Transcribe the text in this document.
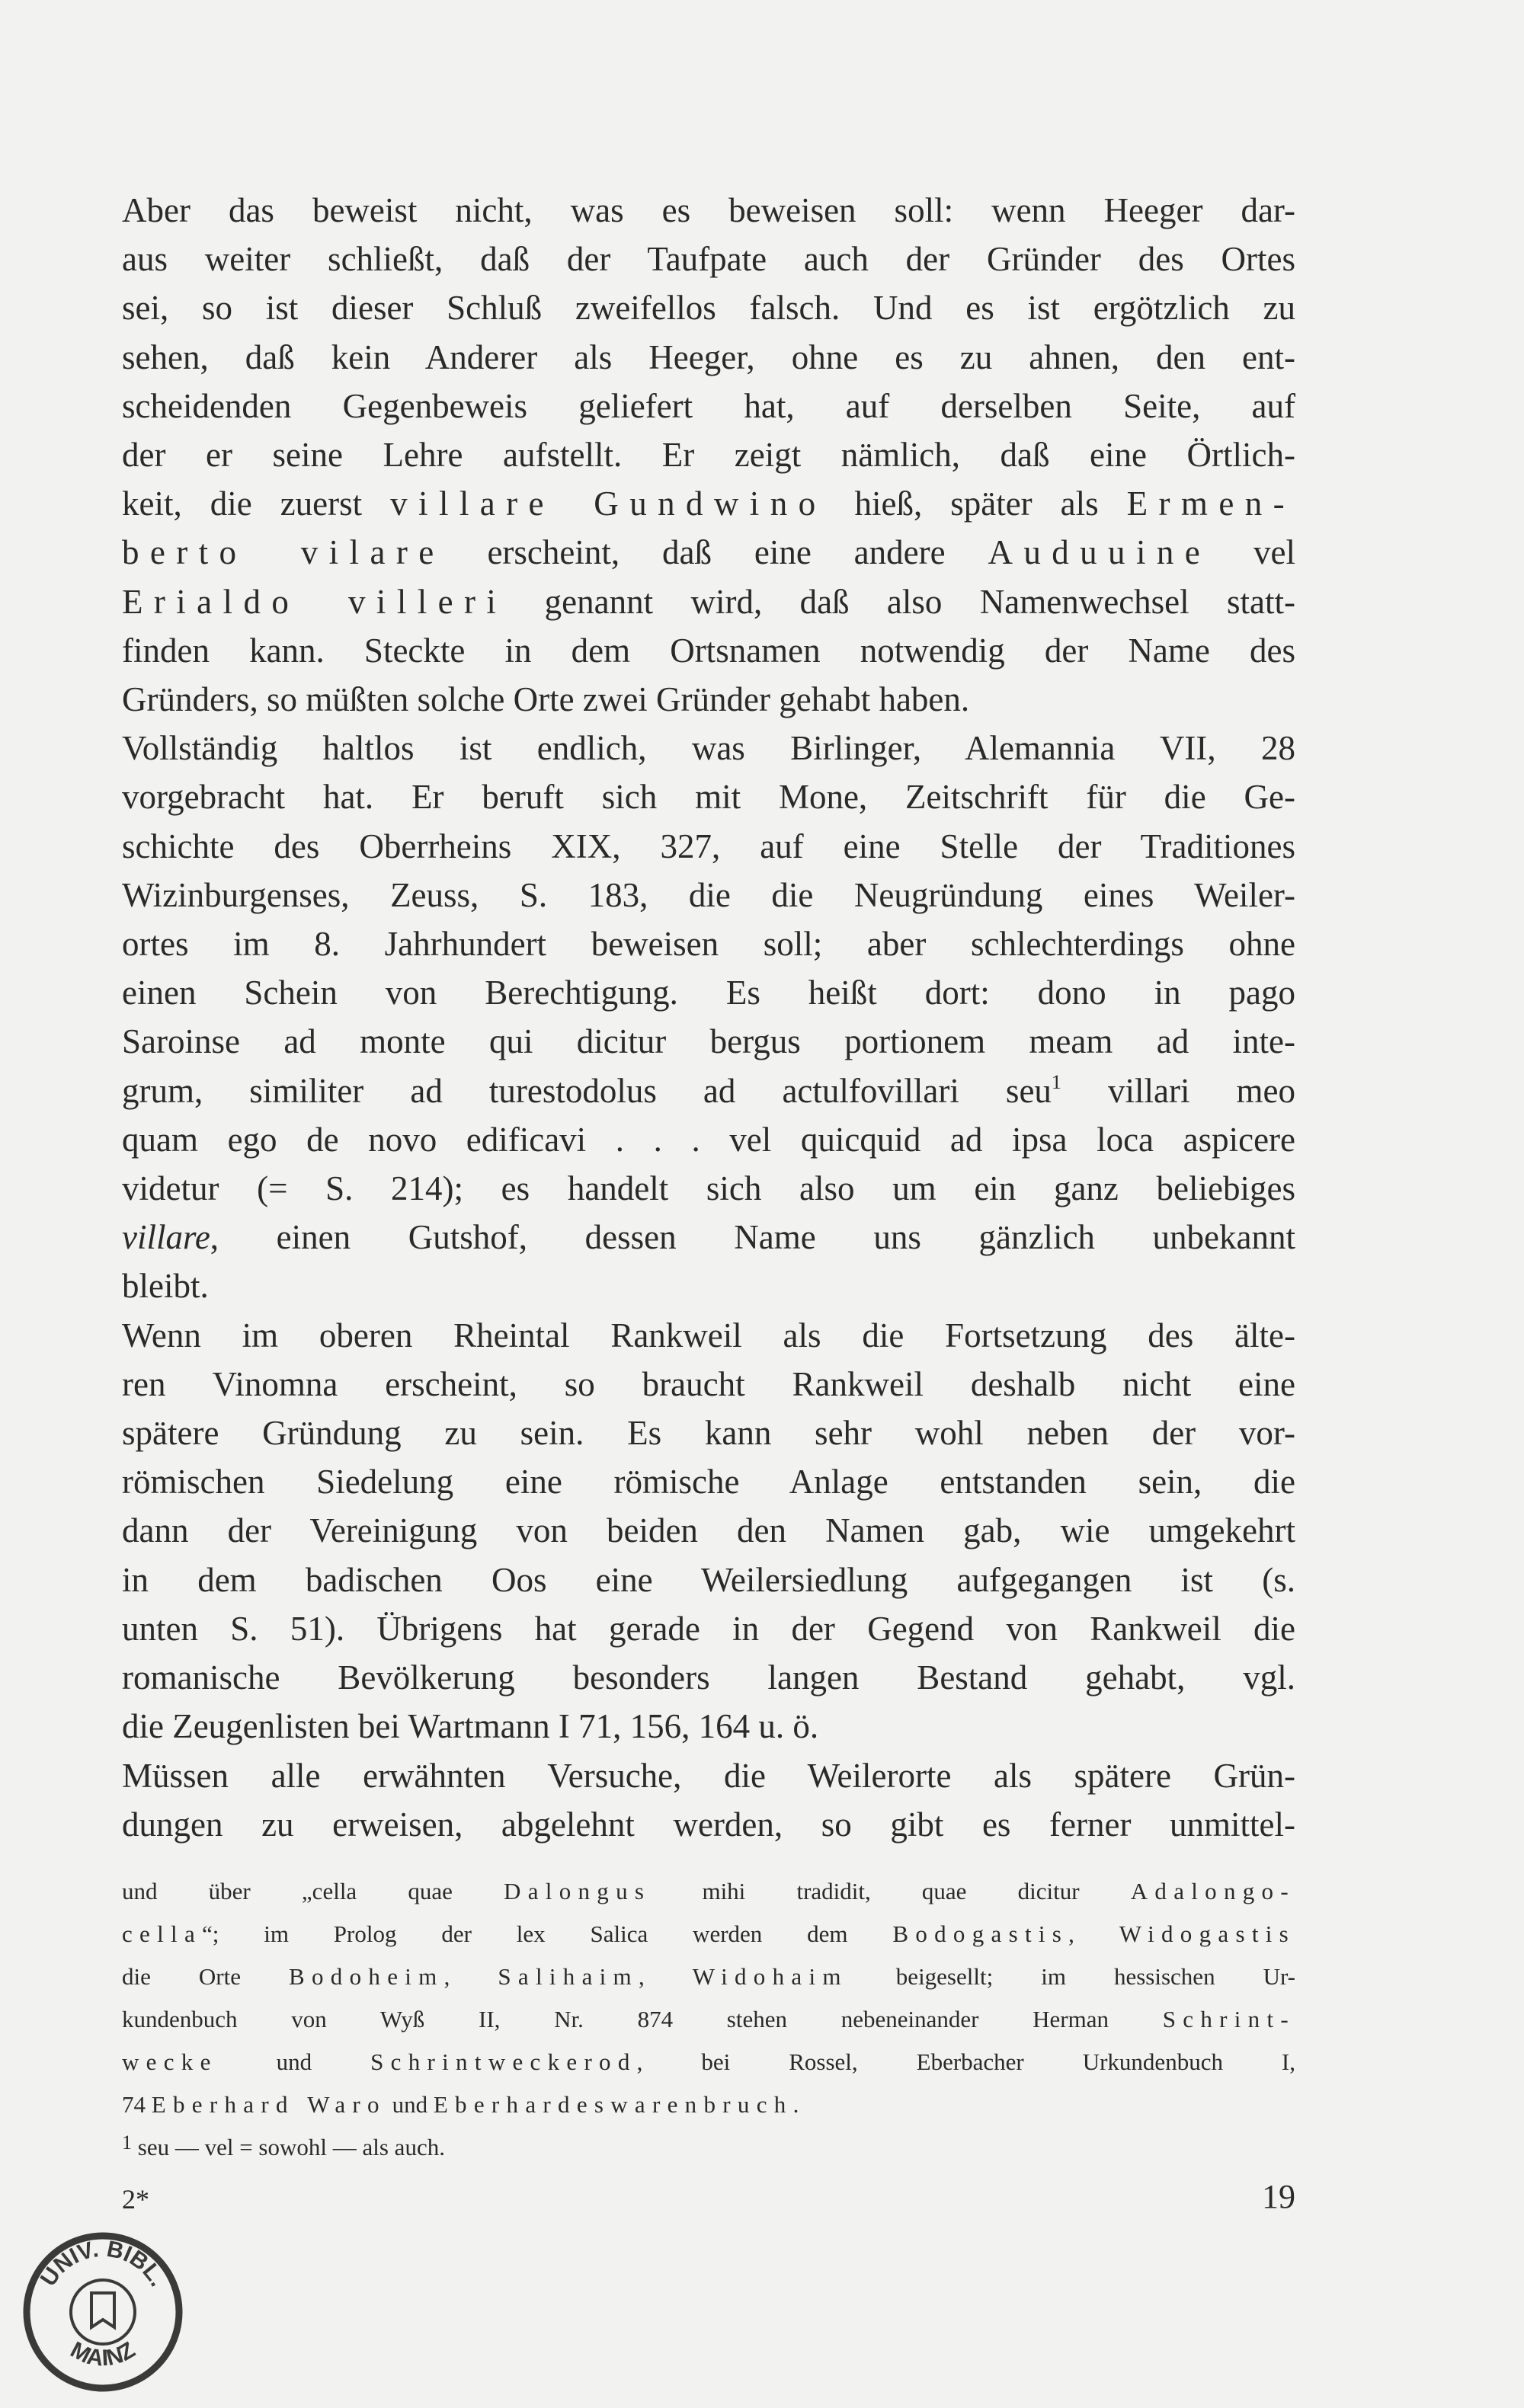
Aber das beweist nicht, was es beweisen soll: wenn Heeger dar-
aus weiter schließt, daß der Taufpate auch der Gründer des Ortes
sei, so ist dieser Schluß zweifellos falsch. Und es ist ergötzlich zu
sehen, daß kein Anderer als Heeger, ohne es zu ahnen, den ent-
scheidenden Gegenbeweis geliefert hat, auf derselben Seite, auf
der er seine Lehre aufstellt. Er zeigt nämlich, daß eine Örtlich-
keit, die zuerst villare Gundwino hieß, später als Ermen-
berto vilare erscheint, daß eine andere Auduuine vel
Erialdo villeri genannt wird, daß also Namenwechsel statt-
finden kann. Steckte in dem Ortsnamen notwendig der Name des
Gründers, so müßten solche Orte zwei Gründer gehabt haben.
Vollständig haltlos ist endlich, was Birlinger, Alemannia VII, 28
vorgebracht hat. Er beruft sich mit Mone, Zeitschrift für die Ge-
schichte des Oberrheins XIX, 327, auf eine Stelle der Traditiones
Wizinburgenses, Zeuss, S. 183, die die Neugründung eines Weiler-
ortes im 8. Jahrhundert beweisen soll; aber schlechterdings ohne
einen Schein von Berechtigung. Es heißt dort: dono in pago
Saroinse ad monte qui dicitur bergus portionem meam ad inte-
grum, similiter ad turestodolus ad actulfovillari seu$^1$ villari meo
quam ego de novo edificavi . . . vel quicquid ad ipsa loca aspicere
videtur (= S. 214); es handelt sich also um ein ganz beliebiges
villare, einen Gutshof, dessen Name uns gänzlich unbekannt
bleibt.
Wenn im oberen Rheintal Rankweil als die Fortsetzung des älte-
ren Vinomna erscheint, so braucht Rankweil deshalb nicht eine
spätere Gründung zu sein. Es kann sehr wohl neben der vor-
römischen Siedelung eine römische Anlage entstanden sein, die
dann der Vereinigung von beiden den Namen gab, wie umgekehrt
in dem badischen Oos eine Weilersiedlung aufgegangen ist (s.
unten S. 51). Übrigens hat gerade in der Gegend von Rankweil die
romanische Bevölkerung besonders langen Bestand gehabt, vgl.
die Zeugenlisten bei Wartmann I 71, 156, 164 u. ö.
Müssen alle erwähnten Versuche, die Weilerorte als spätere Grün-
dungen zu erweisen, abgelehnt werden, so gibt es ferner unmittel-
und über „cella quae Dalongus mihi tradidit, quae dicitur Adalongo-
cella“; im Prolog der lex Salica werden dem Bodogastis, Widogastis
die Orte Bodoheim, Salihaim, Widohaim beigesellt; im hessischen Ur-
kundenbuch von Wyß II, Nr. 874 stehen nebeneinander Herman Schrint-
wecke und Schrintweckerod, bei Rossel, Eberbacher Urkundenbuch I,
74 Eberhard Waro und Eberhardeswarenbruch.
$^1$ seu — vel = sowohl — als auch.
2*	19
UNIV. BIBL.
MAINZ
